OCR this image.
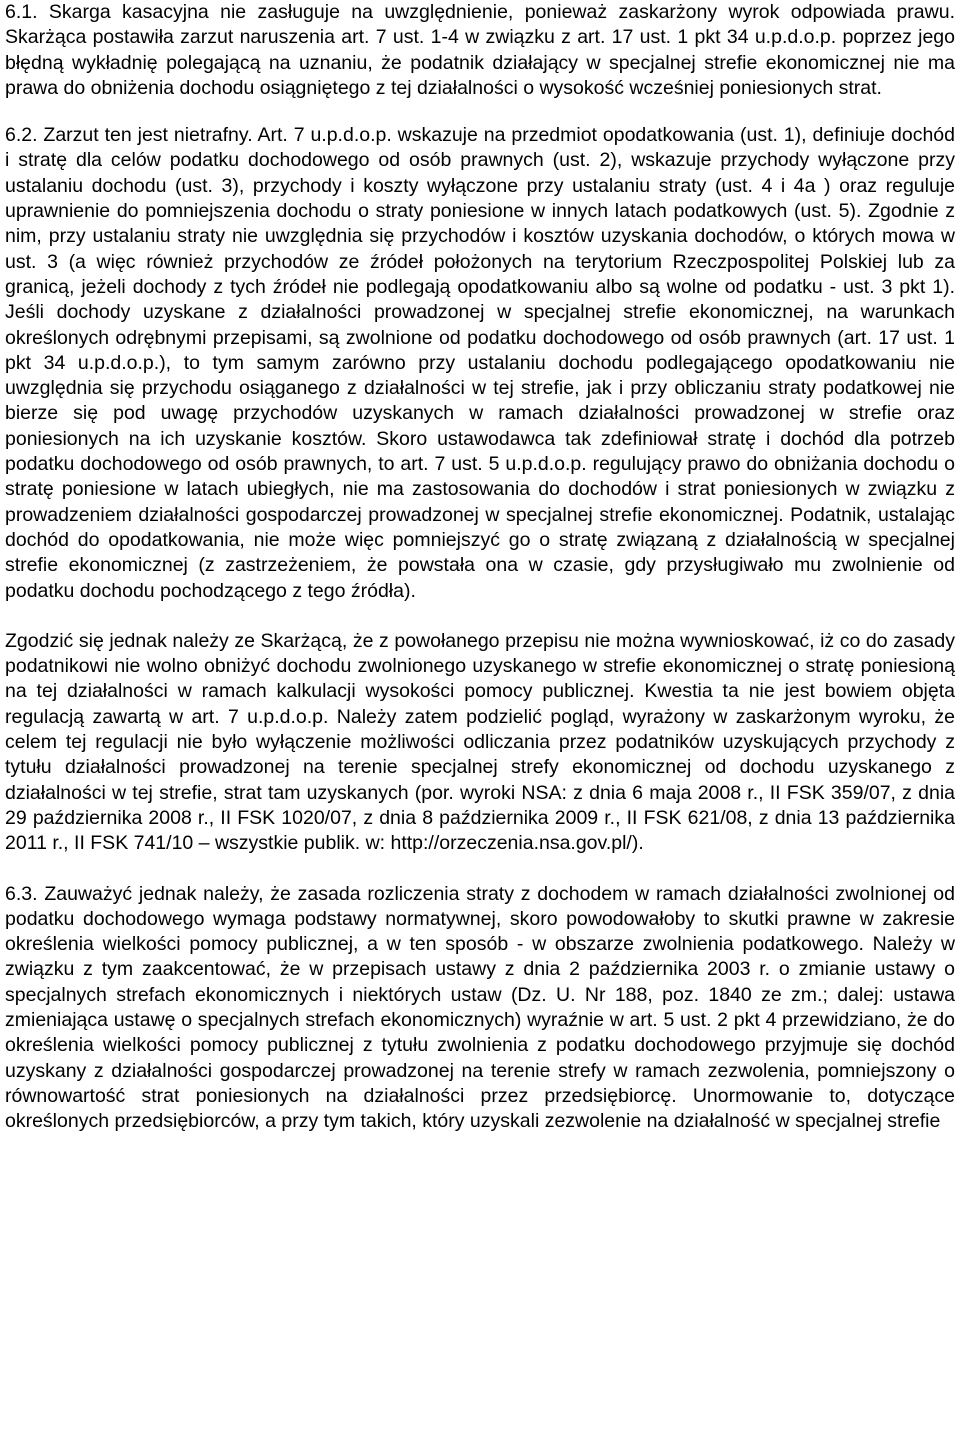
6.1. Skarga kasacyjna nie zasługuje na uwzględnienie, ponieważ zaskarżony wyrok odpowiada prawu. Skarżąca postawiła zarzut naruszenia art. 7 ust. 1-4 w związku z art. 17 ust. 1 pkt 34 u.p.d.o.p. poprzez jego błędną wykładnię polegającą na uznaniu, że podatnik działający w specjalnej strefie ekonomicznej nie ma prawa do obniżenia dochodu osiągniętego z tej działalności o wysokość wcześniej poniesionych strat.

6.2. Zarzut ten jest nietrafny. Art. 7 u.p.d.o.p. wskazuje na przedmiot opodatkowania (ust. 1), definiuje dochód i stratę dla celów podatku dochodowego od osób prawnych (ust. 2), wskazuje przychody wyłączone przy ustalaniu dochodu (ust. 3), przychody i koszty wyłączone przy ustalaniu straty (ust. 4 i 4a ) oraz reguluje uprawnienie do pomniejszenia dochodu o straty poniesione w innych latach podatkowych (ust. 5). Zgodnie z nim, przy ustalaniu straty nie uwzględnia się przychodów i kosztów uzyskania dochodów, o których mowa w ust. 3 (a więc również przychodów ze źródeł położonych na terytorium Rzeczpospolitej Polskiej lub za granicą, jeżeli dochody z tych źródeł nie podlegają opodatkowaniu albo są wolne od podatku - ust. 3 pkt 1). Jeśli dochody uzyskane z działalności prowadzonej w specjalnej strefie ekonomicznej, na warunkach określonych odrębnymi przepisami, są zwolnione od podatku dochodowego od osób prawnych (art. 17 ust. 1 pkt 34 u.p.d.o.p.), to tym samym zarówno przy ustalaniu dochodu podlegającego opodatkowaniu nie uwzględnia się przychodu osiąganego z działalności w tej strefie, jak i przy obliczaniu straty podatkowej nie bierze się pod uwagę przychodów uzyskanych w ramach działalności prowadzonej w strefie oraz poniesionych na ich uzyskanie kosztów. Skoro ustawodawca tak zdefiniował stratę i dochód dla potrzeb podatku dochodowego od osób prawnych, to art. 7 ust. 5 u.p.d.o.p. regulujący prawo do obniżania dochodu o stratę poniesione w latach ubiegłych, nie ma zastosowania do dochodów i strat poniesionych w związku z prowadzeniem działalności gospodarczej prowadzonej w specjalnej strefie ekonomicznej. Podatnik, ustalając dochód do opodatkowania, nie może więc pomniejszyć go o stratę związaną z działalnością w specjalnej strefie ekonomicznej (z zastrzeżeniem, że powstała ona w czasie, gdy przysługiwało mu zwolnienie od podatku dochodu pochodzącego z tego źródła).

Zgodzić się jednak należy ze Skarżącą, że z powołanego przepisu nie można wywnioskować, iż co do zasady podatnikowi nie wolno obniżyć dochodu zwolnionego uzyskanego w strefie ekonomicznej o stratę poniesioną na tej działalności w ramach kalkulacji wysokości pomocy publicznej. Kwestia ta nie jest bowiem objęta regulacją zawartą w art. 7 u.p.d.o.p. Należy zatem podzielić pogląd, wyrażony w zaskarżonym wyroku, że celem tej regulacji nie było wyłączenie możliwości odliczania przez podatników uzyskujących przychody z tytułu działalności prowadzonej na terenie specjalnej strefy ekonomicznej od dochodu uzyskanego z działalności w tej strefie, strat tam uzyskanych (por. wyroki NSA: z dnia 6 maja 2008 r., II FSK 359/07, z dnia 29 października 2008 r., II FSK 1020/07, z dnia 8 października 2009 r., II FSK 621/08, z dnia 13 października 2011 r., II FSK 741/10 – wszystkie publik. w: http://orzeczenia.nsa.gov.pl/).

6.3. Zauważyć jednak należy, że zasada rozliczenia straty z dochodem w ramach działalności zwolnionej od podatku dochodowego wymaga podstawy normatywnej, skoro powodowałoby to skutki prawne w zakresie określenia wielkości pomocy publicznej, a w ten sposób - w obszarze zwolnienia podatkowego. Należy w związku z tym zaakcentować, że w przepisach ustawy z dnia 2 października 2003 r. o zmianie ustawy o specjalnych strefach ekonomicznych i niektórych ustaw (Dz. U. Nr 188, poz. 1840 ze zm.; dalej: ustawa zmieniająca ustawę o specjalnych strefach ekonomicznych) wyraźnie w art. 5 ust. 2 pkt 4 przewidziano, że do określenia wielkości pomocy publicznej z tytułu zwolnienia z podatku dochodowego przyjmuje się dochód uzyskany z działalności gospodarczej prowadzonej na terenie strefy w ramach zezwolenia, pomniejszony o równowartość strat poniesionych na działalności przez przedsiębiorcę. Unormowanie to, dotyczące określonych przedsiębiorców, a przy tym takich, który uzyskali zezwolenie na działalność w specjalnej strefie
